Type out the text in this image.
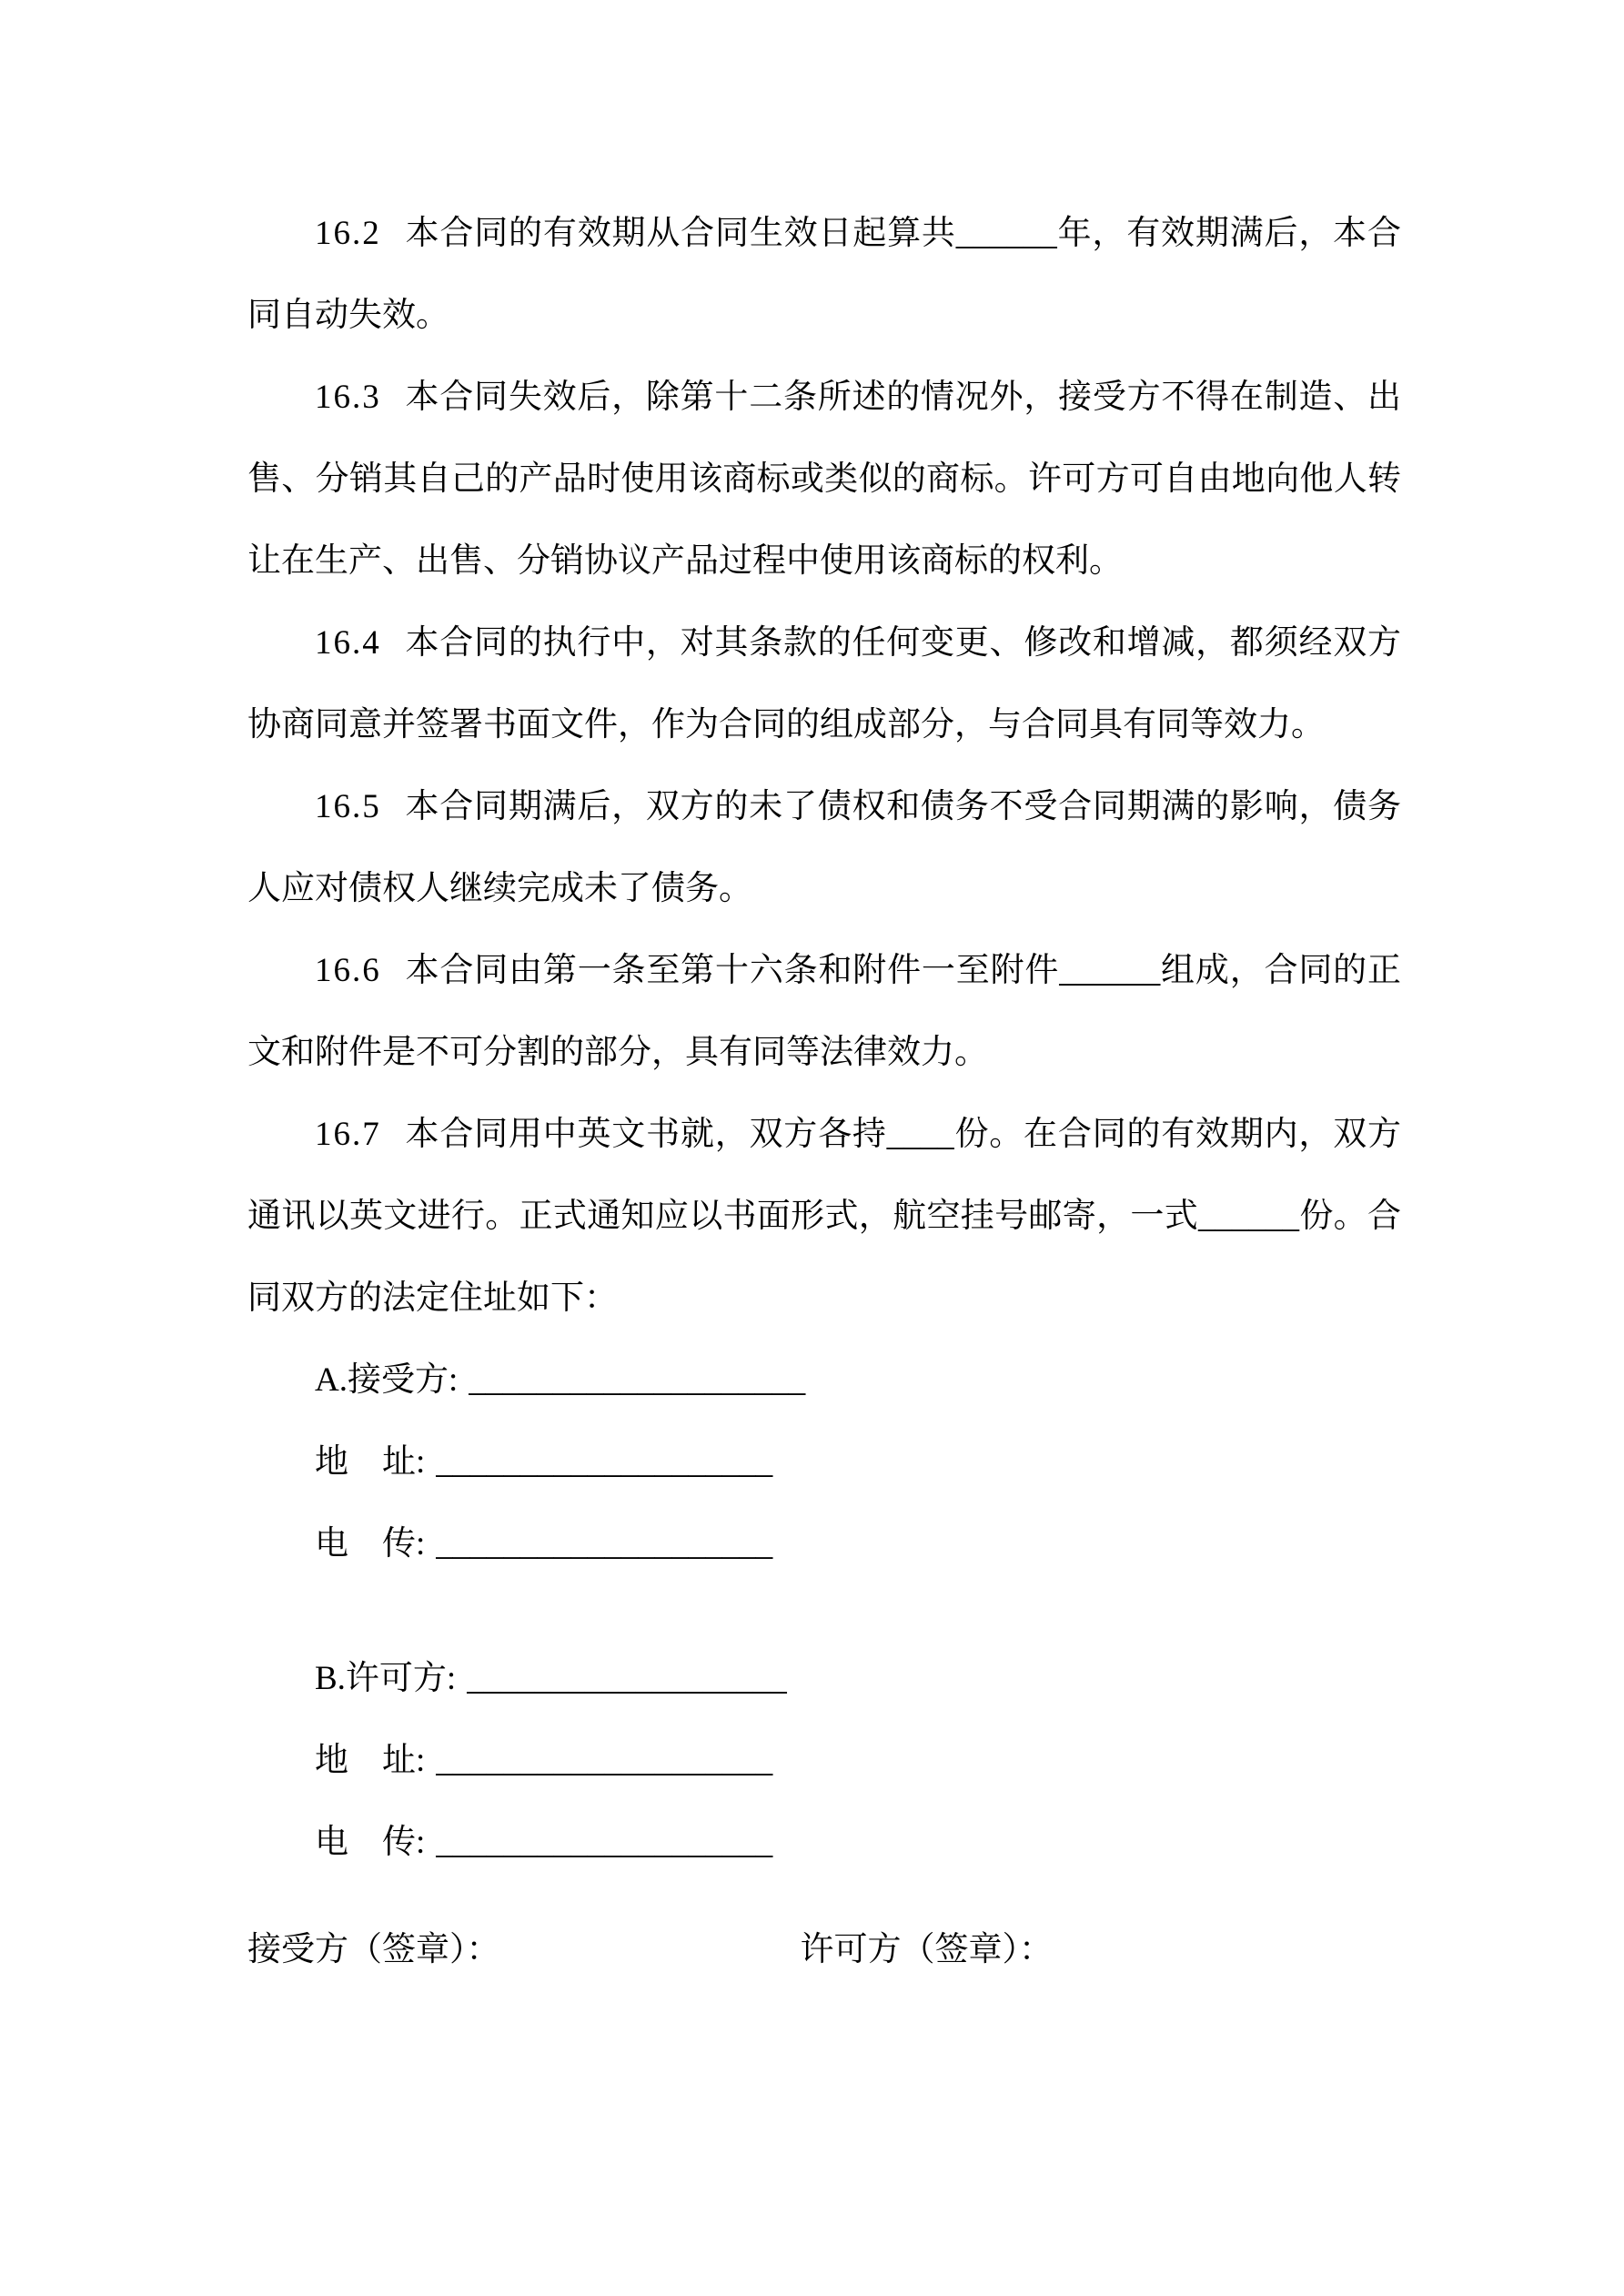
16.2 本合同的有效期从合同生效日起算共______年，有效期满后，本合同自动失效。

16.3 本合同失效后，除第十二条所述的情况外，接受方不得在制造、出售、分销其自己的产品时使用该商标或类似的商标。许可方可自由地向他人转让在生产、出售、分销协议产品过程中使用该商标的权利。

16.4 本合同的执行中，对其条款的任何变更、修改和增减，都须经双方协商同意并签署书面文件，作为合同的组成部分，与合同具有同等效力。

16.5 本合同期满后，双方的未了债权和债务不受合同期满的影响，债务人应对债权人继续完成未了债务。

16.6 本合同由第一条至第十六条和附件一至附件______组成，合同的正文和附件是不可分割的部分，具有同等法律效力。

16.7 本合同用中英文书就，双方各持____份。在合同的有效期内，双方通讯以英文进行。正式通知应以书面形式，航空挂号邮寄，一式______份。合同双方的法定住址如下：

A.接受方: ____________________

地　址: ____________________

电　传: ____________________

B.许可方: ___________________

地　址: ____________________

电　传: ____________________

接受方（签章）：	许可方（签章）：
